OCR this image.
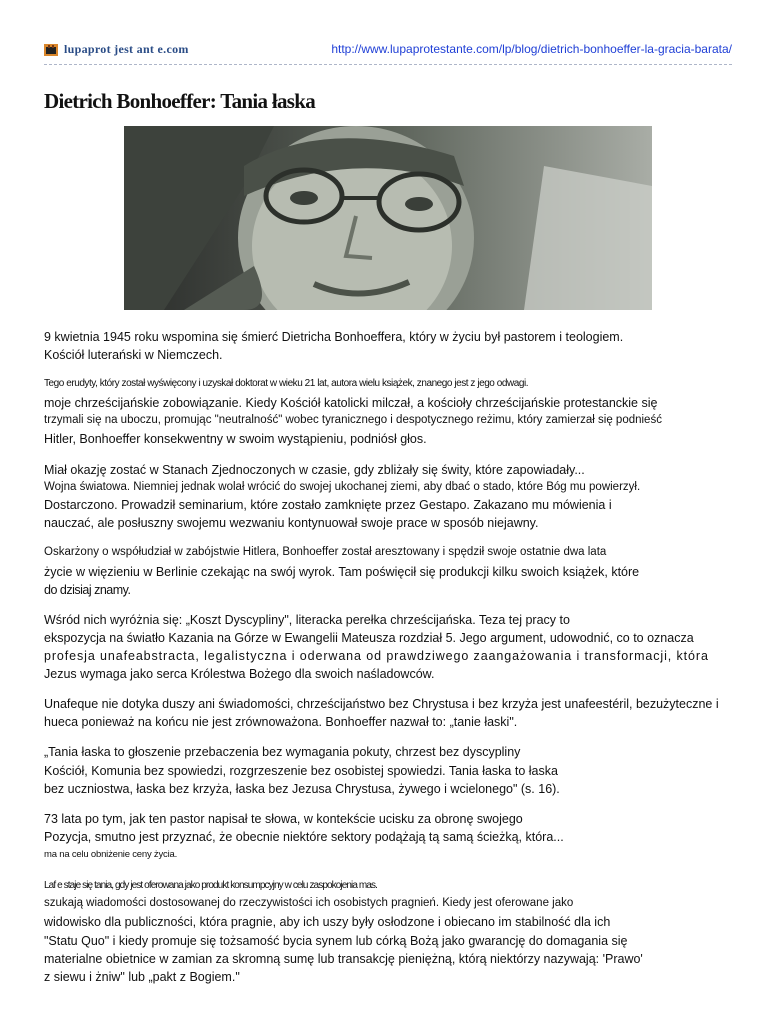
lupaprot jest ant e.com	http://www.lupaprotestante.com/lp/blog/dietrich-bonhoeffer-la-gracia-barata/
Dietrich Bonhoeffer: Tania łaska

9 kwietnia 1945 roku wspomina się śmierć Dietricha Bonhoeffera, który w życiu był pastorem i teologiem.

Kościół luterański w Niemczech.

Tego erudyty, który został wyświęcony i uzyskał doktorat w wieku 21 lat, autora wielu książek, znanego jest z jego odwagi.

moje chrześcijańskie zobowiązanie. Kiedy Kościół katolicki milczał, a kościoły chrześcijańskie protestanckie się

trzymali się na uboczu, promując "neutralność" wobec tyranicznego i despotycznego reżimu, który zamierzał się podnieść

Hitler, Bonhoeffer konsekwentny w swoim wystąpieniu, podniósł głos.

Miał okazję zostać w Stanach Zjednoczonych w czasie, gdy zbliżały się świty, które zapowiadały...

Wojna światowa. Niemniej jednak wolał wrócić do swojej ukochanej ziemi, aby dbać o stado, które Bóg mu powierzył.

Dostarczono. Prowadził seminarium, które zostało zamknięte przez Gestapo. Zakazano mu mówienia i

nauczać, ale posłuszny swojemu wezwaniu kontynuował swoje prace w sposób niejawny.

Oskarżony o współudział w zabójstwie Hitlera, Bonhoeffer został aresztowany i spędził swoje ostatnie dwa lata

życie w więzieniu w Berlinie czekając na swój wyrok. Tam poświęcił się produkcji kilku swoich książek, które

do dzisiaj znamy.

Wśród nich wyróżnia się: „Koszt Dyscypliny", literacka perełka chrześcijańska. Teza tej pracy to

ekspozycja na światło Kazania na Górze w Ewangelii Mateusza rozdział 5. Jego argument, udowodnić, co to oznacza

profesja unafeabstracta, legalistyczna i oderwana od prawdziwego zaangażowania i transformacji, która

Jezus wymaga jako serca Królestwa Bożego dla swoich naśladowców.

Unafeque nie dotyka duszy ani świadomości, chrześcijaństwo bez Chrystusa i bez krzyża jest unafeestéril, bezużyteczne i

hueca ponieważ na końcu nie jest zrównoważona. Bonhoeffer nazwał to: „tanie łaski".

„Tania łaska to głoszenie przebaczenia bez wymagania pokuty, chrzest bez dyscypliny

Kościół, Komunia bez spowiedzi, rozgrzeszenie bez osobistej spowiedzi. Tania łaska to łaska

bez uczniostwa, łaska bez krzyża, łaska bez Jezusa Chrystusa, żywego i wcielonego" (s. 16).

73 lata po tym, jak ten pastor napisał te słowa, w kontekście ucisku za obronę swojego

Pozycja, smutno jest przyznać, że obecnie niektóre sektory podążają tą samą ścieżką, która...

ma na celu obniżenie ceny życia.

Laf e staje się tania, gdy jest oferowana jako produkt konsumpcyjny w celu zaspokojenia mas.

szukają wiadomości dostosowanej do rzeczywistości ich osobistych pragnień. Kiedy jest oferowane jako

widowisko dla publiczności, która pragnie, aby ich uszy były osłodzone i obiecano im stabilność dla ich

"Statu Quo" i kiedy promuje się tożsamość bycia synem lub córką Bożą jako gwarancję do domagania się

materialne obietnice w zamian za skromną sumę lub transakcję pieniężną, którą niektórzy nazywają: 'Prawo'

z siewu i żniw" lub „pakt z Bogiem."
